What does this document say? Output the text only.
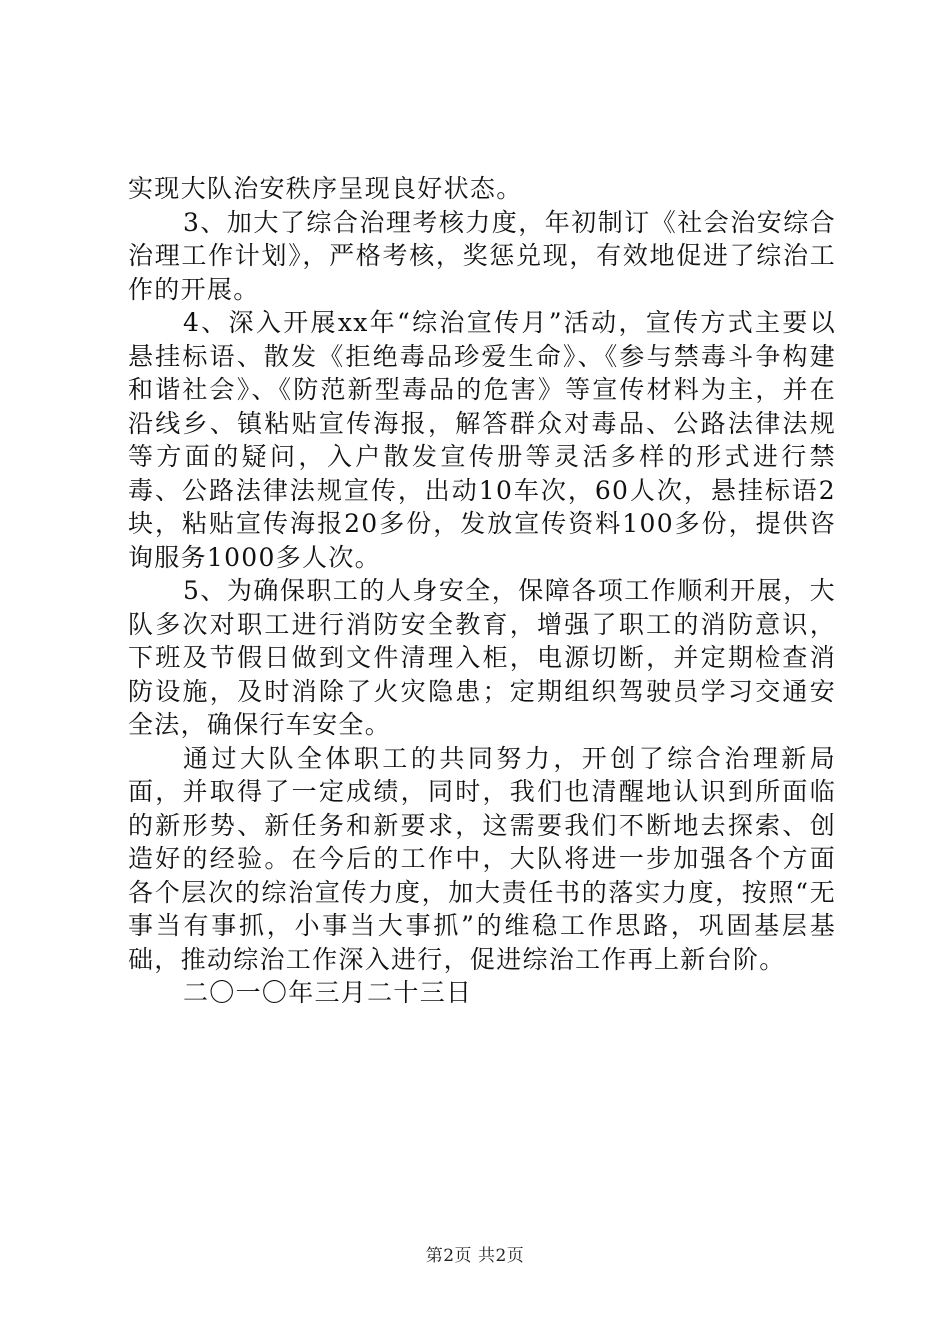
实现大队治安秩序呈现良好状态。

3、加大了综合治理考核力度，年初制订《社会治安综合治理工作计划》，严格考核，奖惩兑现，有效地促进了综治工作的开展。

4、深入开展xx年“综治宣传月”活动，宣传方式主要以悬挂标语、散发《拒绝毒品珍爱生命》、《参与禁毒斗争构建和谐社会》、《防范新型毒品的危害》等宣传材料为主，并在沿线乡、镇粘贴宣传海报，解答群众对毒品、公路法律法规等方面的疑问，入户散发宣传册等灵活多样的形式进行禁毒、公路法律法规宣传，出动10车次，60人次，悬挂标语2块，粘贴宣传海报20多份，发放宣传资料100多份，提供咨询服务1000多人次。

5、为确保职工的人身安全，保障各项工作顺利开展，大队多次对职工进行消防安全教育，增强了职工的消防意识，下班及节假日做到文件清理入柜，电源切断，并定期检查消防设施，及时消除了火灾隐患；定期组织驾驶员学习交通安全法，确保行车安全。

通过大队全体职工的共同努力，开创了综合治理新局面，并取得了一定成绩，同时，我们也清醒地认识到所面临的新形势、新任务和新要求，这需要我们不断地去探索、创造好的经验。在今后的工作中，大队将进一步加强各个方面各个层次的综治宣传力度，加大责任书的落实力度，按照“无事当有事抓，小事当大事抓”的维稳工作思路，巩固基层基础，推动综治工作深入进行，促进综治工作再上新台阶。

二〇一〇年三月二十三日

第2页 共2页
